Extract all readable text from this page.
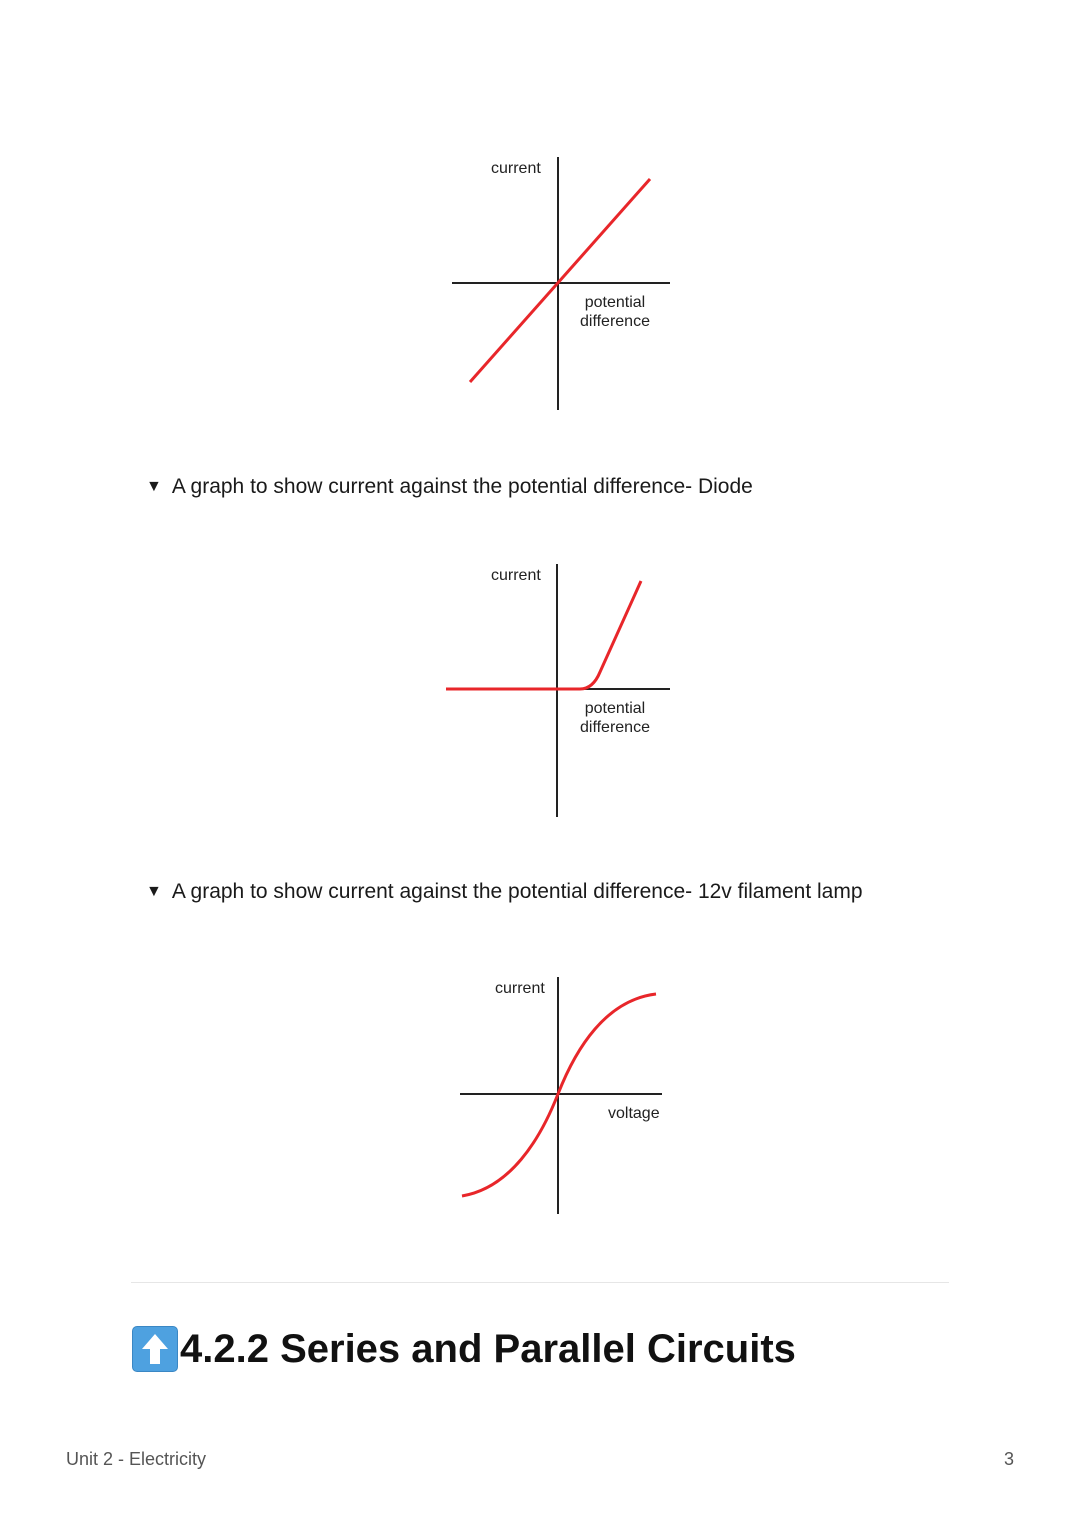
current
potential
difference
▼ A graph to show current against the potential difference- Diode
current
potential
difference
▼ A graph to show current against the potential difference- 12v filament lamp
current
voltage
4.2.2 Series and Parallel Circuits
Unit 2 - Electricity	3
